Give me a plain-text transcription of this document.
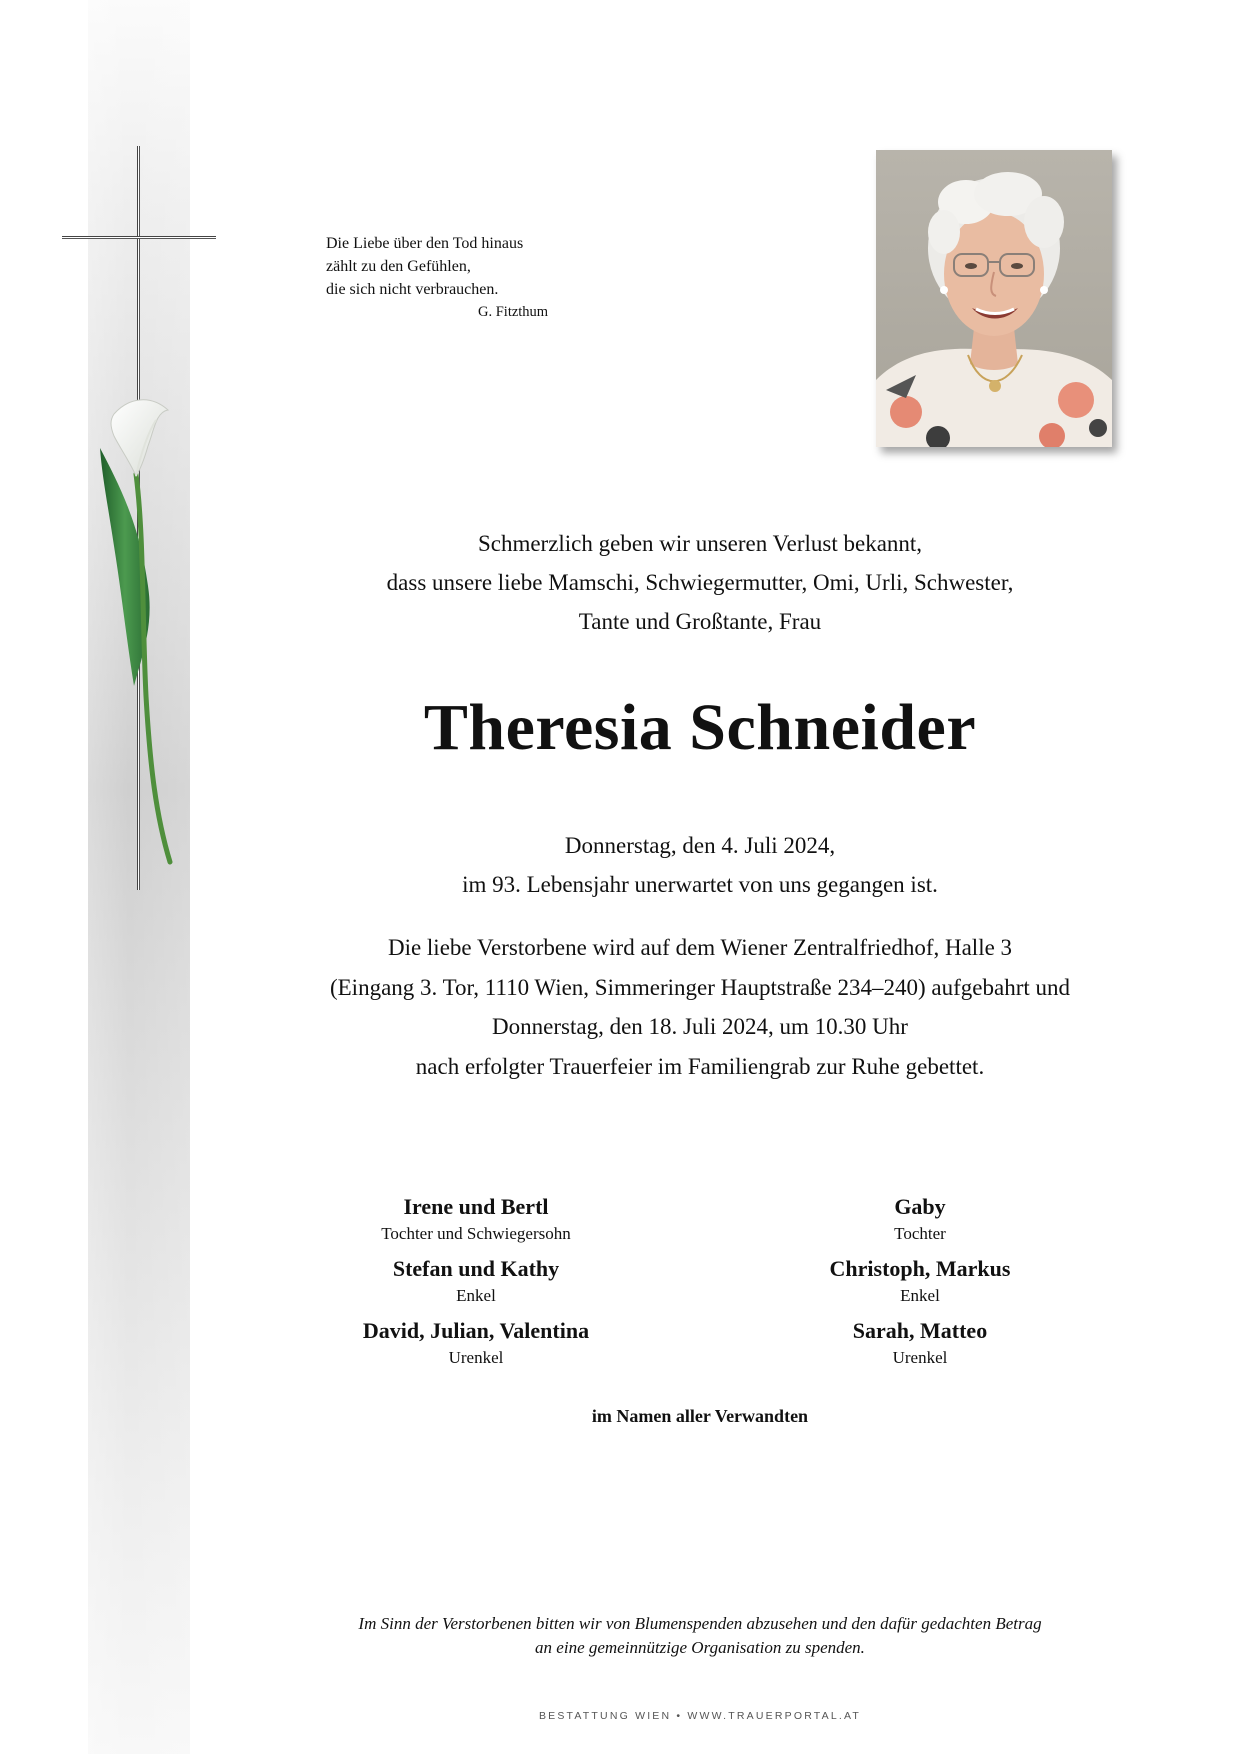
Die Liebe über den Tod hinaus
zählt zu den Gefühlen,
die sich nicht verbrauchen.
G. Fitzthum
Schmerzlich geben wir unseren Verlust bekannt,
dass unsere liebe Mamschi, Schwiegermutter, Omi, Urli, Schwester,
Tante und Großtante, Frau
Theresia Schneider
Donnerstag, den 4. Juli 2024,
im 93. Lebensjahr unerwartet von uns gegangen ist.
Die liebe Verstorbene wird auf dem Wiener Zentralfriedhof, Halle 3
(Eingang 3. Tor, 1110 Wien, Simmeringer Hauptstraße 234–240) aufgebahrt und
Donnerstag, den 18. Juli 2024, um 10.30 Uhr
nach erfolgter Trauerfeier im Familiengrab zur Ruhe gebettet.
Irene und Bertl
Tochter und Schwiegersohn
Stefan und Kathy
Enkel
David, Julian, Valentina
Urenkel
Gaby
Tochter
Christoph, Markus
Enkel
Sarah, Matteo
Urenkel
im Namen aller Verwandten
Im Sinn der Verstorbenen bitten wir von Blumenspenden abzusehen und den dafür gedachten Betrag
an eine gemeinnützige Organisation zu spenden.
BESTATTUNG WIEN • WWW.TRAUERPORTAL.AT
